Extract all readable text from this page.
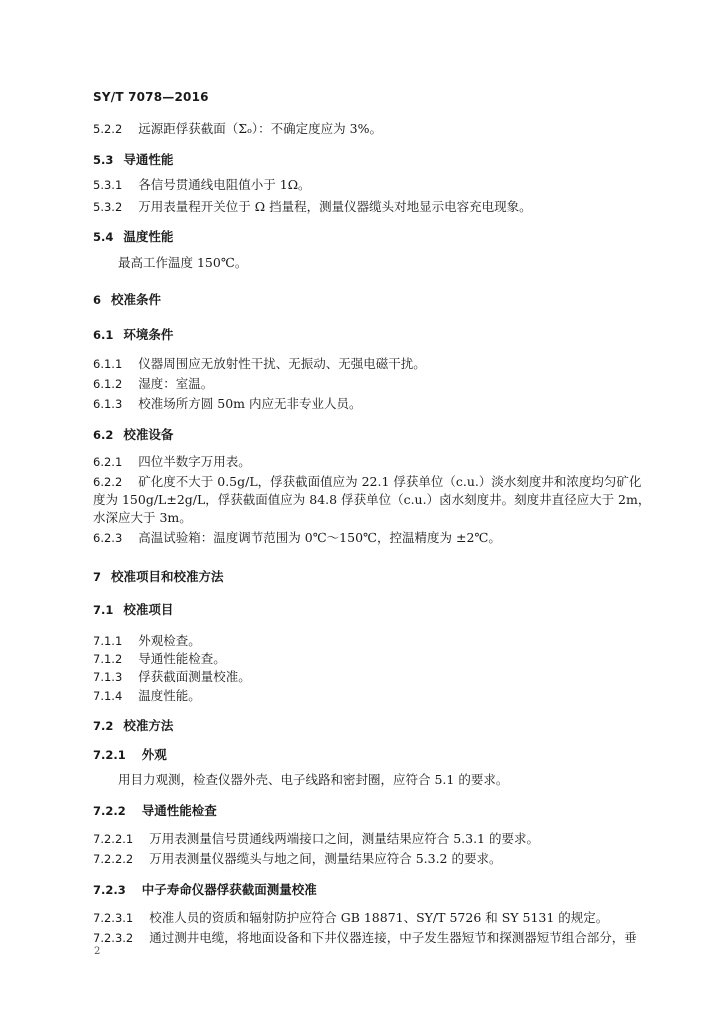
SY/T 7078—2016
5.2.2 远源距俘获截面（Σₒ）：不确定度应为 3%。
5.3 导通性能
5.3.1 各信号贯通线电阻值小于 1Ω。
5.3.2 万用表量程开关位于 Ω 挡量程，测量仪器缆头对地显示电容充电现象。
5.4 温度性能
最高工作温度 150℃。
6 校准条件
6.1 环境条件
6.1.1 仪器周围应无放射性干扰、无振动、无强电磁干扰。
6.1.2 湿度：室温。
6.1.3 校准场所方圆 50m 内应无非专业人员。
6.2 校准设备
6.2.1 四位半数字万用表。
6.2.2 矿化度不大于 0.5g/L，俘获截面值应为 22.1 俘获单位（c.u.）淡水刻度井和浓度均匀矿化
度为 150g/L±2g/L，俘获截面值应为 84.8 俘获单位（c.u.）卤水刻度井。刻度井直径应大于 2m，
水深应大于 3m。
6.2.3 高温试验箱：温度调节范围为 0℃～150℃，控温精度为 ±2℃。
7 校准项目和校准方法
7.1 校准项目
7.1.1 外观检查。
7.1.2 导通性能检查。
7.1.3 俘获截面测量校准。
7.1.4 温度性能。
7.2 校准方法
7.2.1 外观
用目力观测，检查仪器外壳、电子线路和密封圈，应符合 5.1 的要求。
7.2.2 导通性能检查
7.2.2.1 万用表测量信号贯通线两端接口之间，测量结果应符合 5.3.1 的要求。
7.2.2.2 万用表测量仪器缆头与地之间，测量结果应符合 5.3.2 的要求。
7.2.3 中子寿命仪器俘获截面测量校准
7.2.3.1 校准人员的资质和辐射防护应符合 GB 18871、SY/T 5726 和 SY 5131 的规定。
7.2.3.2 通过测井电缆，将地面设备和下井仪器连接，中子发生器短节和探测器短节组合部分，垂
2
